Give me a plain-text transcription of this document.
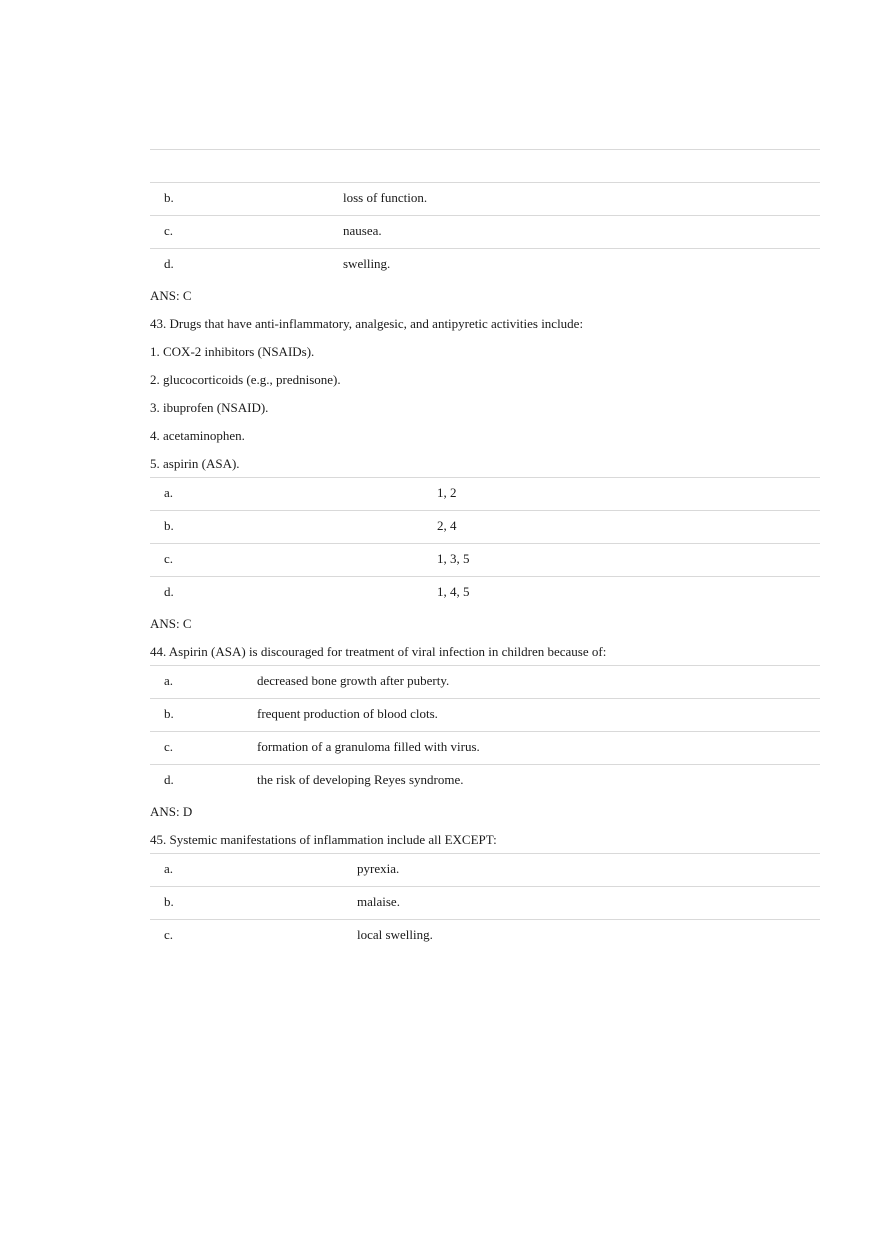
b.	loss of function.
c.	nausea.
d.	swelling.
ANS: C
43. Drugs that have anti-inflammatory, analgesic, and antipyretic activities include:
1. COX-2 inhibitors (NSAIDs).
2. glucocorticoids (e.g., prednisone).
3. ibuprofen (NSAID).
4. acetaminophen.
5. aspirin (ASA).
a.	1, 2
b.	2, 4
c.	1, 3, 5
d.	1, 4, 5
ANS: C
44. Aspirin (ASA) is discouraged for treatment of viral infection in children because of:
a.	decreased bone growth after puberty.
b.	frequent production of blood clots.
c.	formation of a granuloma filled with virus.
d.	the risk of developing Reyes syndrome.
ANS: D
45. Systemic manifestations of inflammation include all EXCEPT:
a.	pyrexia.
b.	malaise.
c.	local swelling.
